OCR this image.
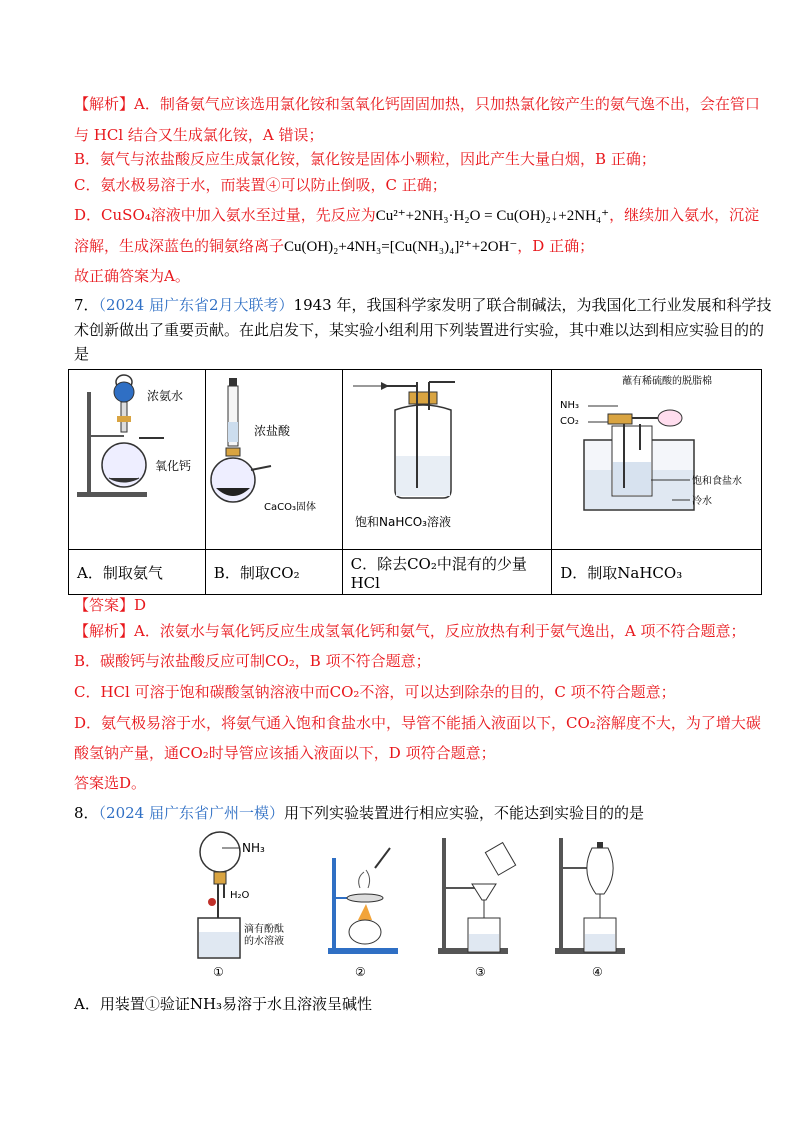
【解析】A．制备氨气应该选用氯化铵和氢氧化钙固固加热，只加热氯化铵产生的氨气逸不出，会在管口
与 HCl 结合又生成氯化铵，A 错误；
B．氨气与浓盐酸反应生成氯化铵，氯化铵是固体小颗粒，因此产生大量白烟，B 正确；
C．氨水极易溶于水，而装置④可以防止倒吸，C 正确；
D．CuSO₄溶液中加入氨水至过量，先反应为Cu²⁺+2NH₃·H₂O = Cu(OH)₂↓+2NH₄⁺，继续加入氨水，沉淀
溶解，生成深蓝色的铜氨络离子Cu(OH)₂+4NH₃=[Cu(NH₃)₄]²⁺+2OH⁻，D 正确；
故正确答案为A。
7．（2024 届广东省2月大联考）1943 年，我国科学家发明了联合制碱法，为我国化工行业发展和科学技
术创新做出了重要贡献。在此启发下，某实验小组利用下列装置进行实验，其中难以达到相应实验目的的
是
浓氨水
氧化钙	浓盐酸
CaCO₃固体	饱和NaHCO₃溶液	蘸有稀硫酸的脱脂棉
NH₃
CO₂
饱和食盐水
冷水

A．制取氨气	B．制取CO₂	C．除去CO₂中混有的少量HCl	D．制取NaHCO₃
【答案】D
【解析】A．浓氨水与氧化钙反应生成氢氧化钙和氨气，反应放热有利于氨气逸出，A 项不符合题意；
B．碳酸钙与浓盐酸反应可制CO₂，B 项不符合题意；
C．HCl 可溶于饱和碳酸氢钠溶液中而CO₂不溶，可以达到除杂的目的，C 项不符合题意；
D．氨气极易溶于水，将氨气通入饱和食盐水中，导管不能插入液面以下，CO₂溶解度不大，为了增大碳
酸氢钠产量，通CO₂时导管应该插入液面以下，D 项符合题意；
答案选D。
8．（2024 届广东省广州一模）用下列实验装置进行相应实验，不能达到实验目的的是
NH₃
H₂O
滴有酚酞
的水溶液
①	②	③	④
A．用装置①验证NH₃易溶于水且溶液呈碱性
